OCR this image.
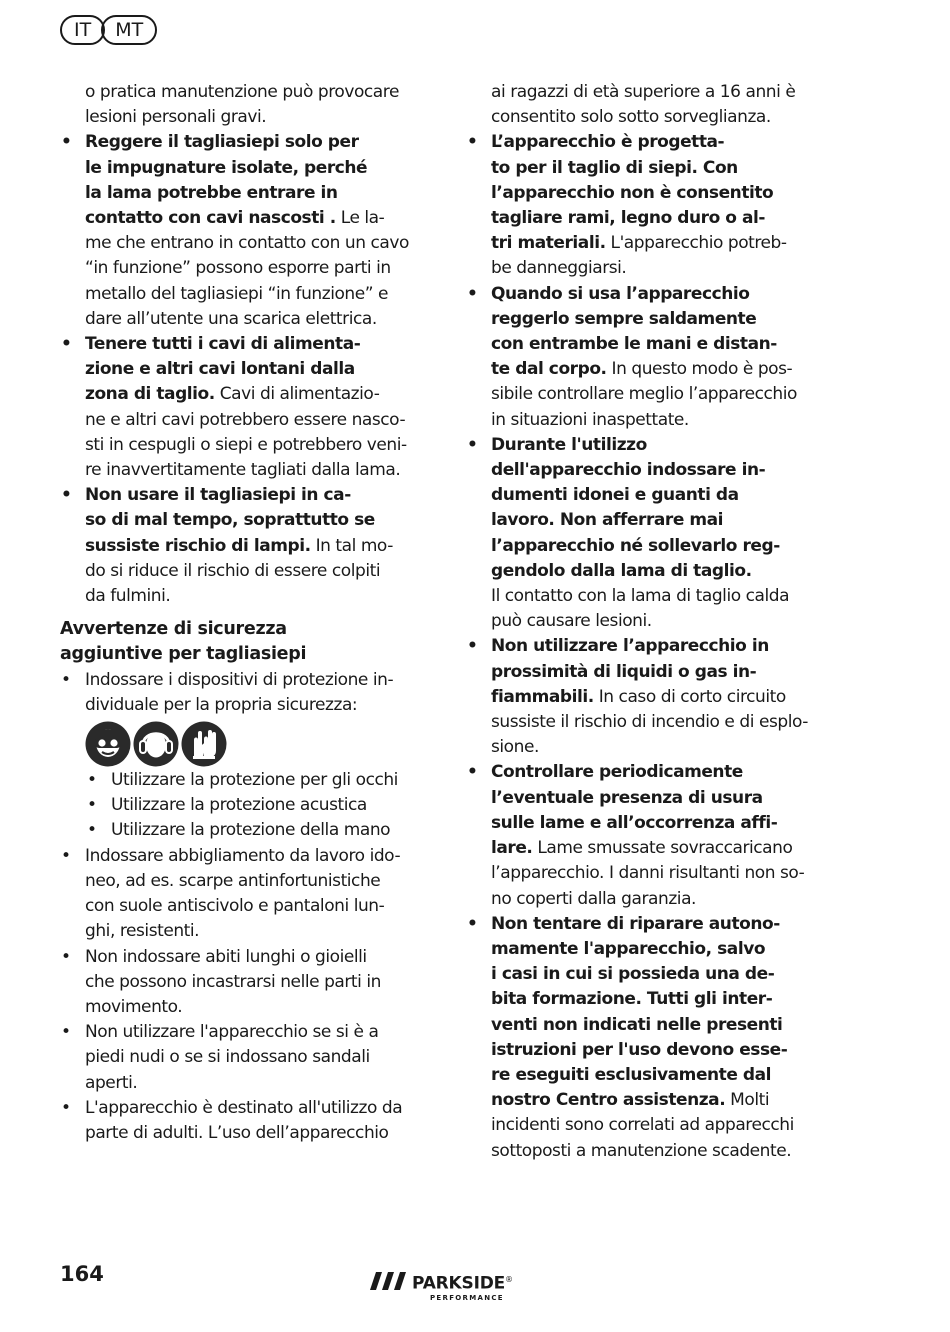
IT	MT

o pratica manutenzione può provocare
lesioni personali gravi.

• Reggere il tagliasiepi solo per
le impugnature isolate, perché
la lama potrebbe entrare in
contatto con cavi nascosti . Le la-
me che entrano in contatto con un cavo
“in funzione” possono esporre parti in
metallo del tagliasiepi “in funzione” e
dare all’utente una scarica elettrica.

• Tenere tutti i cavi di alimenta-
zione e altri cavi lontani dalla
zona di taglio. Cavi di alimentazio-
ne e altri cavi potrebbero essere nasco-
sti in cespugli o siepi e potrebbero veni-
re inavvertitamente tagliati dalla lama.

• Non usare il tagliasiepi in ca-
so di mal tempo, soprattutto se
sussiste rischio di lampi. In tal mo-
do si riduce il rischio di essere colpiti
da fulmini.

Avvertenze di sicurezza
aggiuntive per tagliasiepi

• Indossare i dispositivi di protezione in-
dividuale per la propria sicurezza:

• Utilizzare la protezione per gli occhi

• Utilizzare la protezione acustica

• Utilizzare la protezione della mano

• Indossare abbigliamento da lavoro ido-
neo, ad es. scarpe antinfortunistiche
con suole antiscivolo e pantaloni lun-
ghi, resistenti.

• Non indossare abiti lunghi o gioielli
che possono incastrarsi nelle parti in
movimento.

• Non utilizzare l'apparecchio se si è a
piedi nudi o se si indossano sandali
aperti.

• L'apparecchio è destinato all'utilizzo da
parte di adulti. L’uso dell’apparecchio

ai ragazzi di età superiore a 16 anni è
consentito solo sotto sorveglianza.

• L’apparecchio è progetta-
to per il taglio di siepi. Con
l’apparecchio non è consentito
tagliare rami, legno duro o al-
tri materiali. L'apparecchio potreb-
be danneggiarsi.

• Quando si usa l’apparecchio
reggerlo sempre saldamente
con entrambe le mani e distan-
te dal corpo. In questo modo è pos-
sibile controllare meglio l’apparecchio
in situazioni inaspettate.

• Durante l'utilizzo
dell'apparecchio indossare in-
dumenti idonei e guanti da
lavoro. Non afferrare mai
l’apparecchio né sollevarlo reg-
gendolo dalla lama di taglio.
Il contatto con la lama di taglio calda
può causare lesioni.

• Non utilizzare l’apparecchio in
prossimità di liquidi o gas in-
fiammabili. In caso di corto circuito
sussiste il rischio di incendio e di esplo-
sione.

• Controllare periodicamente
l’eventuale presenza di usura
sulle lame e all’occorrenza affi-
lare. Lame smussate sovraccaricano
l’apparecchio. I danni risultanti non so-
no coperti dalla garanzia.

• Non tentare di riparare autono-
mamente l'apparecchio, salvo
i casi in cui si possieda una de-
bita formazione. Tutti gli inter-
venti non indicati nelle presenti
istruzioni per l'uso devono esse-
re eseguiti esclusivamente dal
nostro Centro assistenza. Molti
incidenti sono correlati ad apparecchi
sottoposti a manutenzione scadente.

164	PARKSIDE®
PERFORMANCE
